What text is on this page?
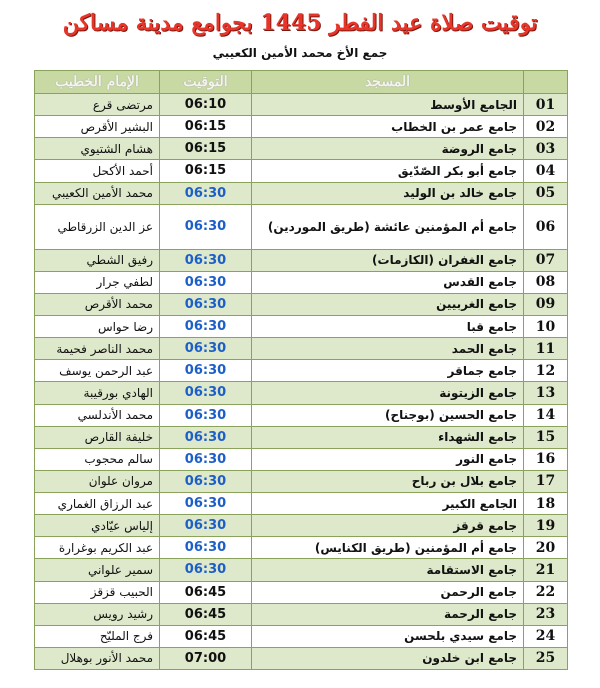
توقيت صلاة عيد الفطر 1445 بجوامع مدينة مساكن
جمع الأخ محمد الأمين الكعيبي
الإمام الخطيب	التوقيت	المسجد	
مرتضى قرع	06:10	الجامع الأوسط	01
البشير الأقرص	06:15	جامع عمر بن الخطاب	02
هشام الشتيوي	06:15	جامع الروضة	03
أحمد الأكحل	06:15	جامع أبو بكر الصّدّيق	04
محمد الأمين الكعيبي	06:30	جامع خالد بن الوليد	05
عز الدين الزرقاطي	06:30	جامع أم المؤمنين عائشة (طريق الموردين)	06
رفيق الشطي	06:30	جامع الغفران (الكازمات)	07
لطفي جرار	06:30	جامع القدس	08
محمد الأقرص	06:30	جامع الغربيين	09
رضا حواس	06:30	جامع قبا	10
محمد الناصر فحيمة	06:30	جامع الحمد	11
عبد الرحمن يوسف	06:30	جامع جماقر	12
الهادي بورقيبة	06:30	جامع الزيتونة	13
محمد الأندلسي	06:30	جامع الحسين (بوجناح)	14
خليفة القارص	06:30	جامع الشهداء	15
سالم محجوب	06:30	جامع النور	16
مروان علوان	06:30	جامع بلال بن رباح	17
عبد الرزاق الغماري	06:30	الجامع الكبير	18
إلياس عيّادي	06:30	جامع قرقز	19
عبد الكريم بوغرارة	06:30	جامع أم المؤمنين (طريق الكنايس)	20
سمير علواني	06:30	جامع الاستقامة	21
الحبيب قزقز	06:45	جامع الرحمن	22
رشيد رويس	06:45	جامع الرحمة	23
فرج المليّح	06:45	جامع سيدي بلحسن	24
محمد الأنور بوهلال	07:00	جامع ابن خلدون	25
